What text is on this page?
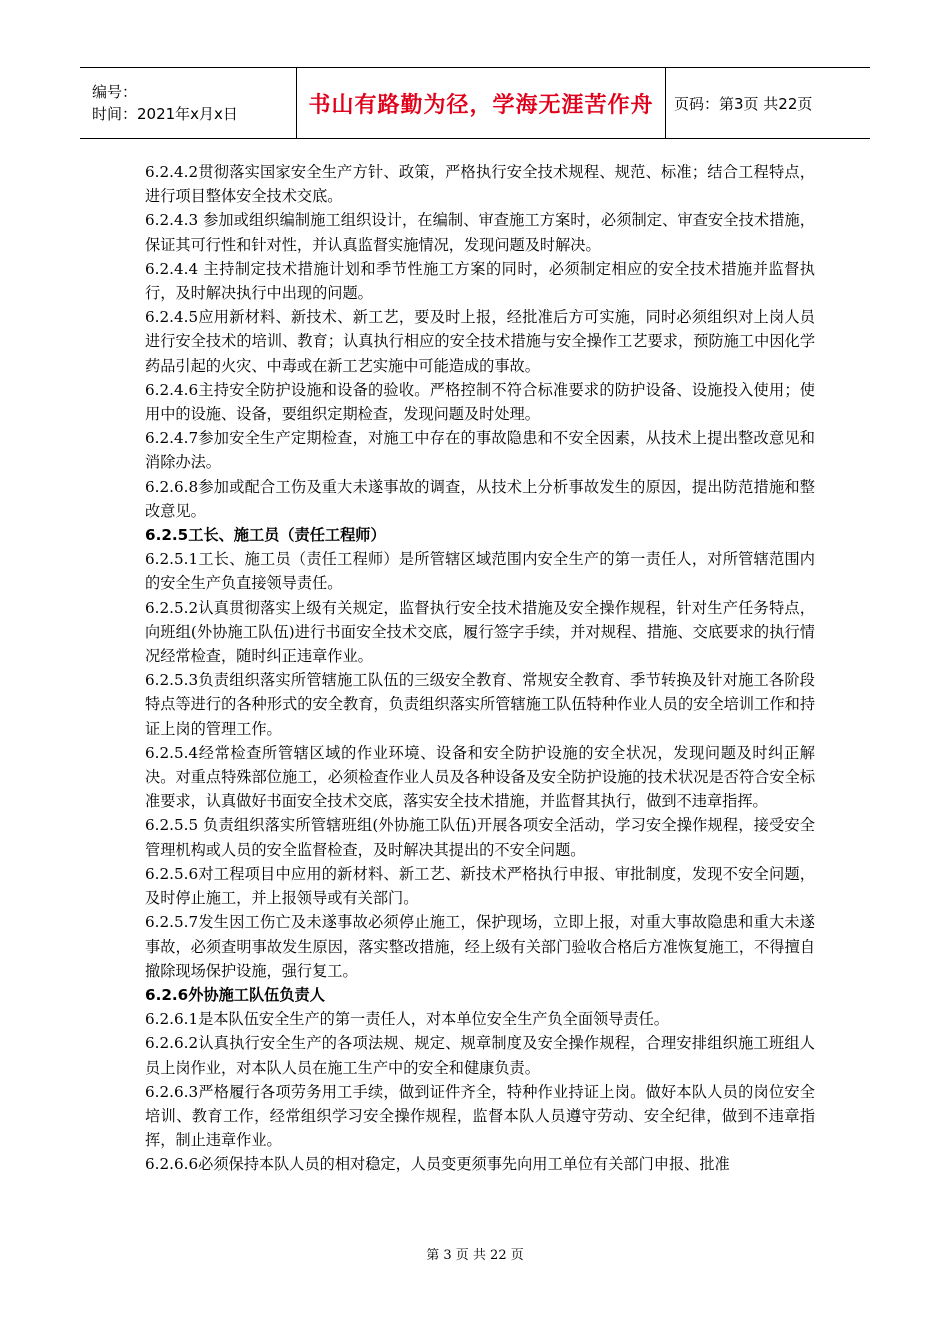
编号：
时间：2021年x月x日	书山有路勤为径，学海无涯苦作舟	页码：第3页 共22页

6.2.4.2贯彻落实国家安全生产方针、政策，严格执行安全技术规程、规范、标准；结合工程特点，进行项目整体安全技术交底。

6.2.4.3 参加或组织编制施工组织设计，在编制、审查施工方案时，必须制定、审查安全技术措施，保证其可行性和针对性，并认真监督实施情况，发现问题及时解决。

6.2.4.4 主持制定技术措施计划和季节性施工方案的同时，必须制定相应的安全技术措施并监督执行，及时解决执行中出现的问题。

6.2.4.5应用新材料、新技术、新工艺，要及时上报，经批准后方可实施，同时必须组织对上岗人员进行安全技术的培训、教育；认真执行相应的安全技术措施与安全操作工艺要求，预防施工中因化学药品引起的火灾、中毒或在新工艺实施中可能造成的事故。

6.2.4.6主持安全防护设施和设备的验收。严格控制不符合标准要求的防护设备、设施投入使用；使用中的设施、设备，要组织定期检查，发现问题及时处理。

6.2.4.7参加安全生产定期检查，对施工中存在的事故隐患和不安全因素，从技术上提出整改意见和消除办法。

6.2.6.8参加或配合工伤及重大未遂事故的调查，从技术上分析事故发生的原因，提出防范措施和整改意见。

6.2.5工长、施工员（责任工程师）

6.2.5.1工长、施工员（责任工程师）是所管辖区域范围内安全生产的第一责任人，对所管辖范围内的安全生产负直接领导责任。

6.2.5.2认真贯彻落实上级有关规定，监督执行安全技术措施及安全操作规程，针对生产任务特点，向班组(外协施工队伍)进行书面安全技术交底，履行签字手续，并对规程、措施、交底要求的执行情况经常检查，随时纠正违章作业。

6.2.5.3负责组织落实所管辖施工队伍的三级安全教育、常规安全教育、季节转换及针对施工各阶段特点等进行的各种形式的安全教育，负责组织落实所管辖施工队伍特种作业人员的安全培训工作和持证上岗的管理工作。

6.2.5.4经常检查所管辖区域的作业环境、设备和安全防护设施的安全状况，发现问题及时纠正解决。对重点特殊部位施工，必须检查作业人员及各种设备及安全防护设施的技术状况是否符合安全标准要求，认真做好书面安全技术交底，落实安全技术措施，并监督其执行，做到不违章指挥。

6.2.5.5 负责组织落实所管辖班组(外协施工队伍)开展各项安全活动，学习安全操作规程，接受安全管理机构或人员的安全监督检查，及时解决其提出的不安全问题。

6.2.5.6对工程项目中应用的新材料、新工艺、新技术严格执行申报、审批制度，发现不安全问题，及时停止施工，并上报领导或有关部门。

6.2.5.7发生因工伤亡及未遂事故必须停止施工，保护现场，立即上报，对重大事故隐患和重大未遂事故，必须查明事故发生原因，落实整改措施，经上级有关部门验收合格后方准恢复施工，不得擅自撤除现场保护设施，强行复工。

6.2.6外协施工队伍负责人

6.2.6.1是本队伍安全生产的第一责任人，对本单位安全生产负全面领导责任。

6.2.6.2认真执行安全生产的各项法规、规定、规章制度及安全操作规程，合理安排组织施工班组人员上岗作业，对本队人员在施工生产中的安全和健康负责。

6.2.6.3严格履行各项劳务用工手续，做到证件齐全，特种作业持证上岗。做好本队人员的岗位安全培训、教育工作，经常组织学习安全操作规程，监督本队人员遵守劳动、安全纪律，做到不违章指挥，制止违章作业。

6.2.6.6必须保持本队人员的相对稳定，人员变更须事先向用工单位有关部门申报、批准

第 3 页 共 22 页
